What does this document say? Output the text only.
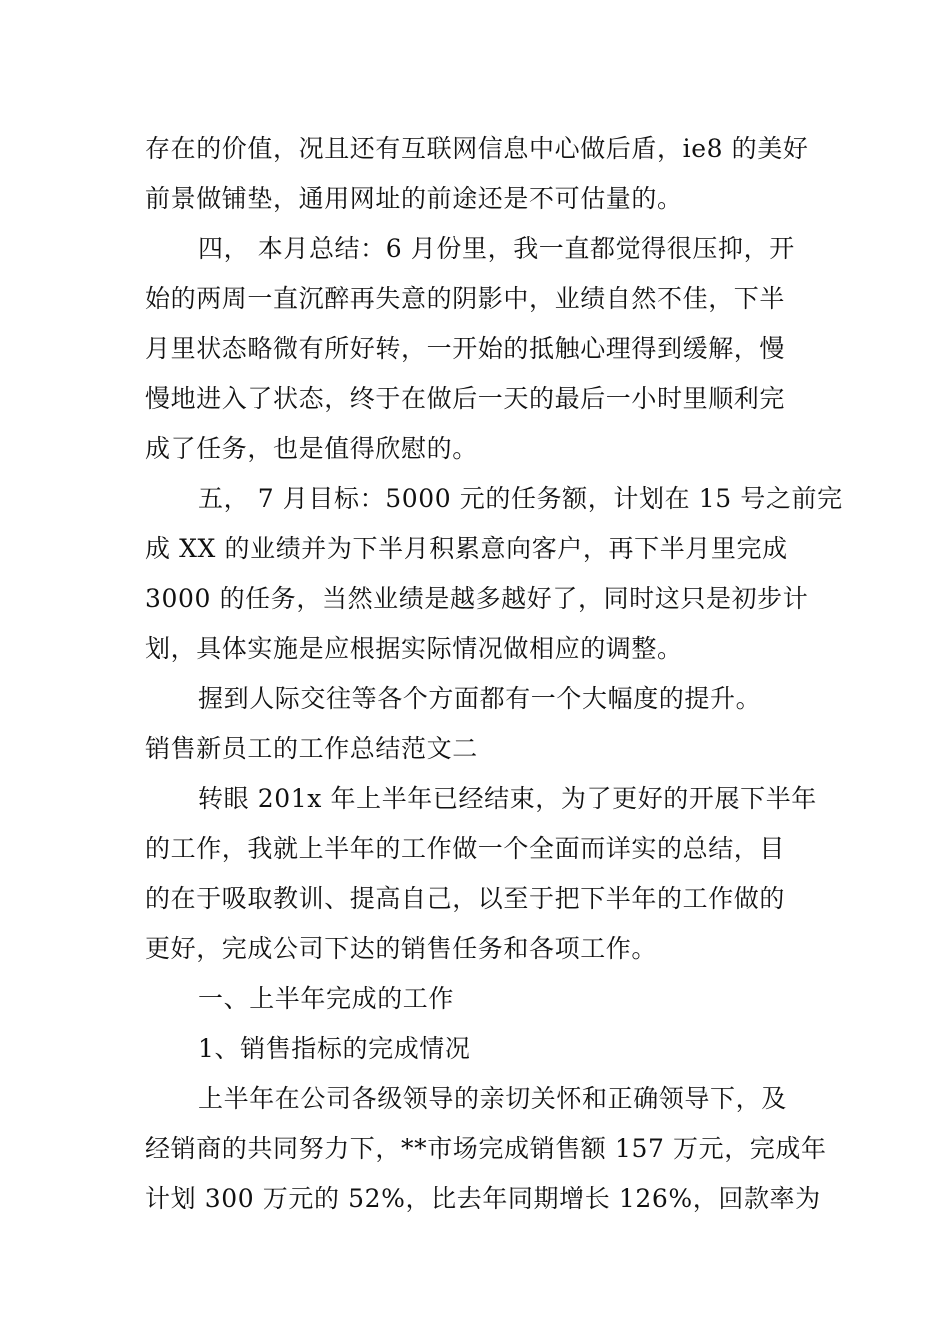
存在的价值，况且还有互联网信息中心做后盾，ie8 的美好
前景做铺垫，通用网址的前途还是不可估量的。
四， 本月总结：6 月份里，我一直都觉得很压抑，开
始的两周一直沉醉再失意的阴影中，业绩自然不佳，下半
月里状态略微有所好转，一开始的抵触心理得到缓解，慢
慢地进入了状态，终于在做后一天的最后一小时里顺利完
成了任务，也是值得欣慰的。
五， 7 月目标：5000 元的任务额，计划在 15 号之前完
成 XX 的业绩并为下半月积累意向客户，再下半月里完成
3000 的任务，当然业绩是越多越好了，同时这只是初步计
划，具体实施是应根据实际情况做相应的调整。
握到人际交往等各个方面都有一个大幅度的提升。
销售新员工的工作总结范文二
转眼 201x 年上半年已经结束，为了更好的开展下半年
的工作，我就上半年的工作做一个全面而详实的总结，目
的在于吸取教训、提高自己，以至于把下半年的工作做的
更好，完成公司下达的销售任务和各项工作。
一、上半年完成的工作
1、销售指标的完成情况
上半年在公司各级领导的亲切关怀和正确领导下，及
经销商的共同努力下，**市场完成销售额 157 万元，完成年
计划 300 万元的 52%，比去年同期增长 126%，回款率为
